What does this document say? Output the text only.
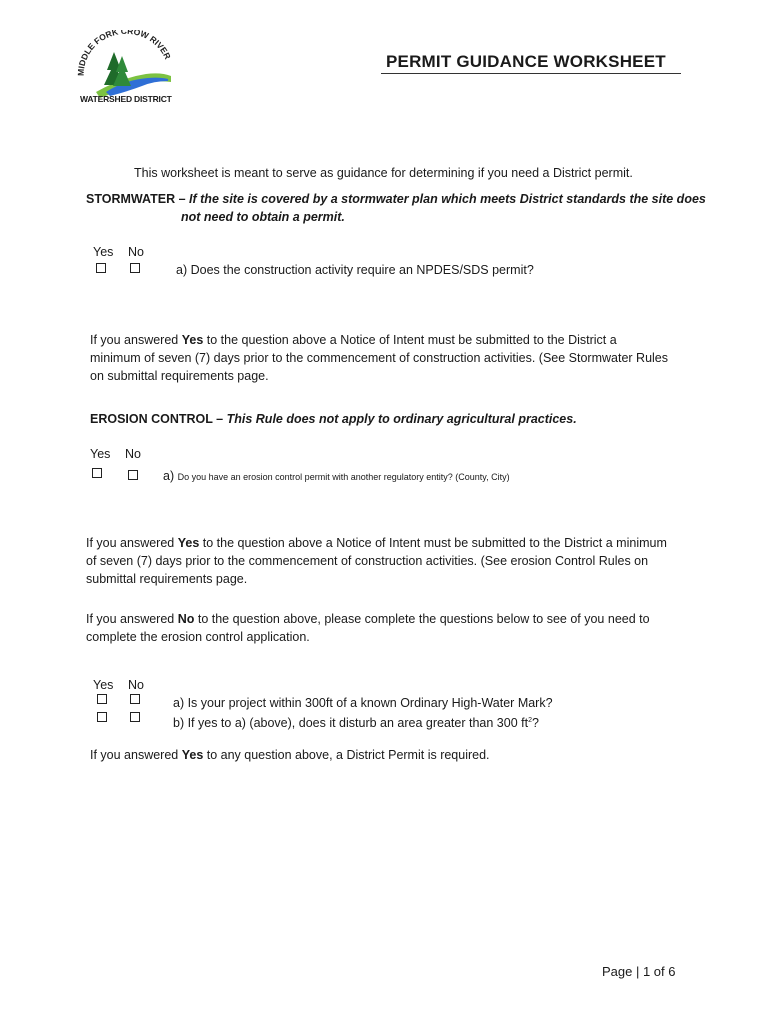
MIDDLE FORK CROW RIVER
WATERSHED DISTRICT
PERMIT GUIDANCE WORKSHEET
This worksheet is meant to serve as guidance for determining if you need a District permit.
STORMWATER – If the site is covered by a stormwater plan which meets District standards the site does
not need to obtain a permit.
Yes No
a) Does the construction activity require an NPDES/SDS permit?
If you answered Yes to the question above a Notice of Intent must be submitted to the District a
minimum of seven (7) days prior to the commencement of construction activities. (See Stormwater Rules
on submittal requirements page.
EROSION CONTROL – This Rule does not apply to ordinary agricultural practices.
Yes No
a) Do you have an erosion control permit with another regulatory entity? (County, City)
If you answered Yes to the question above a Notice of Intent must be submitted to the District a minimum
of seven (7) days prior to the commencement of construction activities. (See erosion Control Rules on
submittal requirements page.
If you answered No to the question above, please complete the questions below to see of you need to
complete the erosion control application.
Yes No
a) Is your project within 300ft of a known Ordinary High-Water Mark?
b) If yes to a) (above), does it disturb an area greater than 300 $ft^2$?
If you answered Yes to any question above, a District Permit is required.
Page | 1 of 6
